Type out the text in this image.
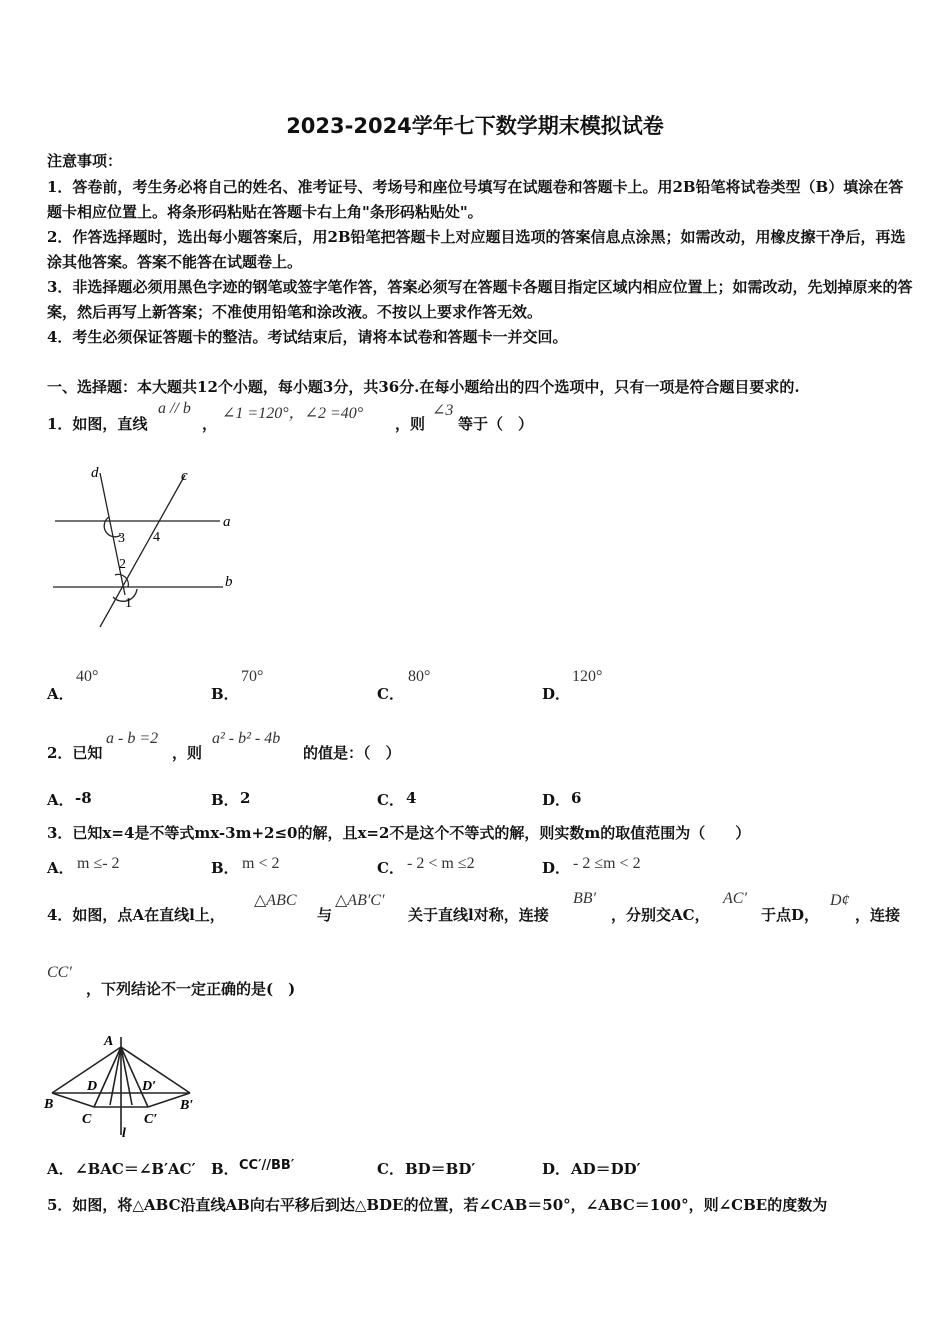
2023-2024学年七下数学期末模拟试卷
注意事项：
1．答卷前，考生务必将自己的姓名、准考证号、考场号和座位号填写在试题卷和答题卡上。用2B铅笔将试卷类型（B）填涂在答题卡相应位置上。将条形码粘贴在答题卡右上角"条形码粘贴处"。
2．作答选择题时，选出每小题答案后，用2B铅笔把答题卡上对应题目选项的答案信息点涂黑；如需改动，用橡皮擦干净后，再选涂其他答案。答案不能答在试题卷上。
3．非选择题必须用黑色字迹的钢笔或签字笔作答，答案必须写在答题卡各题目指定区域内相应位置上；如需改动，先划掉原来的答案，然后再写上新答案；不准使用铅笔和涂改液。不按以上要求作答无效。
4．考生必须保证答题卡的整洁。考试结束后，请将本试卷和答题卡一并交回。
一、选择题：本大题共12个小题，每小题3分，共36分.在每小题给出的四个选项中，只有一项是符合题目要求的.
1．如图，直线
a // b
，
∠1 =120°，∠2 =40°
，则
∠3
等于（　）
d	c
a
b
3 4
2
1
A．
40°
B．
70°
C．
80°
D．
120°
2．已知
a - b =2
，则
a² - b² - 4b
的值是：（　）
A． -8	B． 2	C． 4	D． 6
3．已知x=4是不等式mx-3m+2≤0的解，且x=2不是这个不等式的解，则实数m的取值范围为（　　）
A． m ≤- 2	B． m < 2	C． - 2 < m ≤2	D． - 2 ≤m < 2
4．如图，点A在直线l上，
△ABC
与
△AB′C′
关于直线l对称，连接
BB′
，分别交AC，
AC′
于点D，
D¢
，连接
CC′
，下列结论不一定正确的是(　)
A
B
C
D
B′
C′
D′
l
A． ∠BAC＝∠B′AC′ B． CC′//BB′	C． BD＝BD′	D． AD＝DD′
5．如图，将△ABC沿直线AB向右平移后到达△BDE的位置，若∠CAB＝50°，∠ABC＝100°，则∠CBE的度数为
